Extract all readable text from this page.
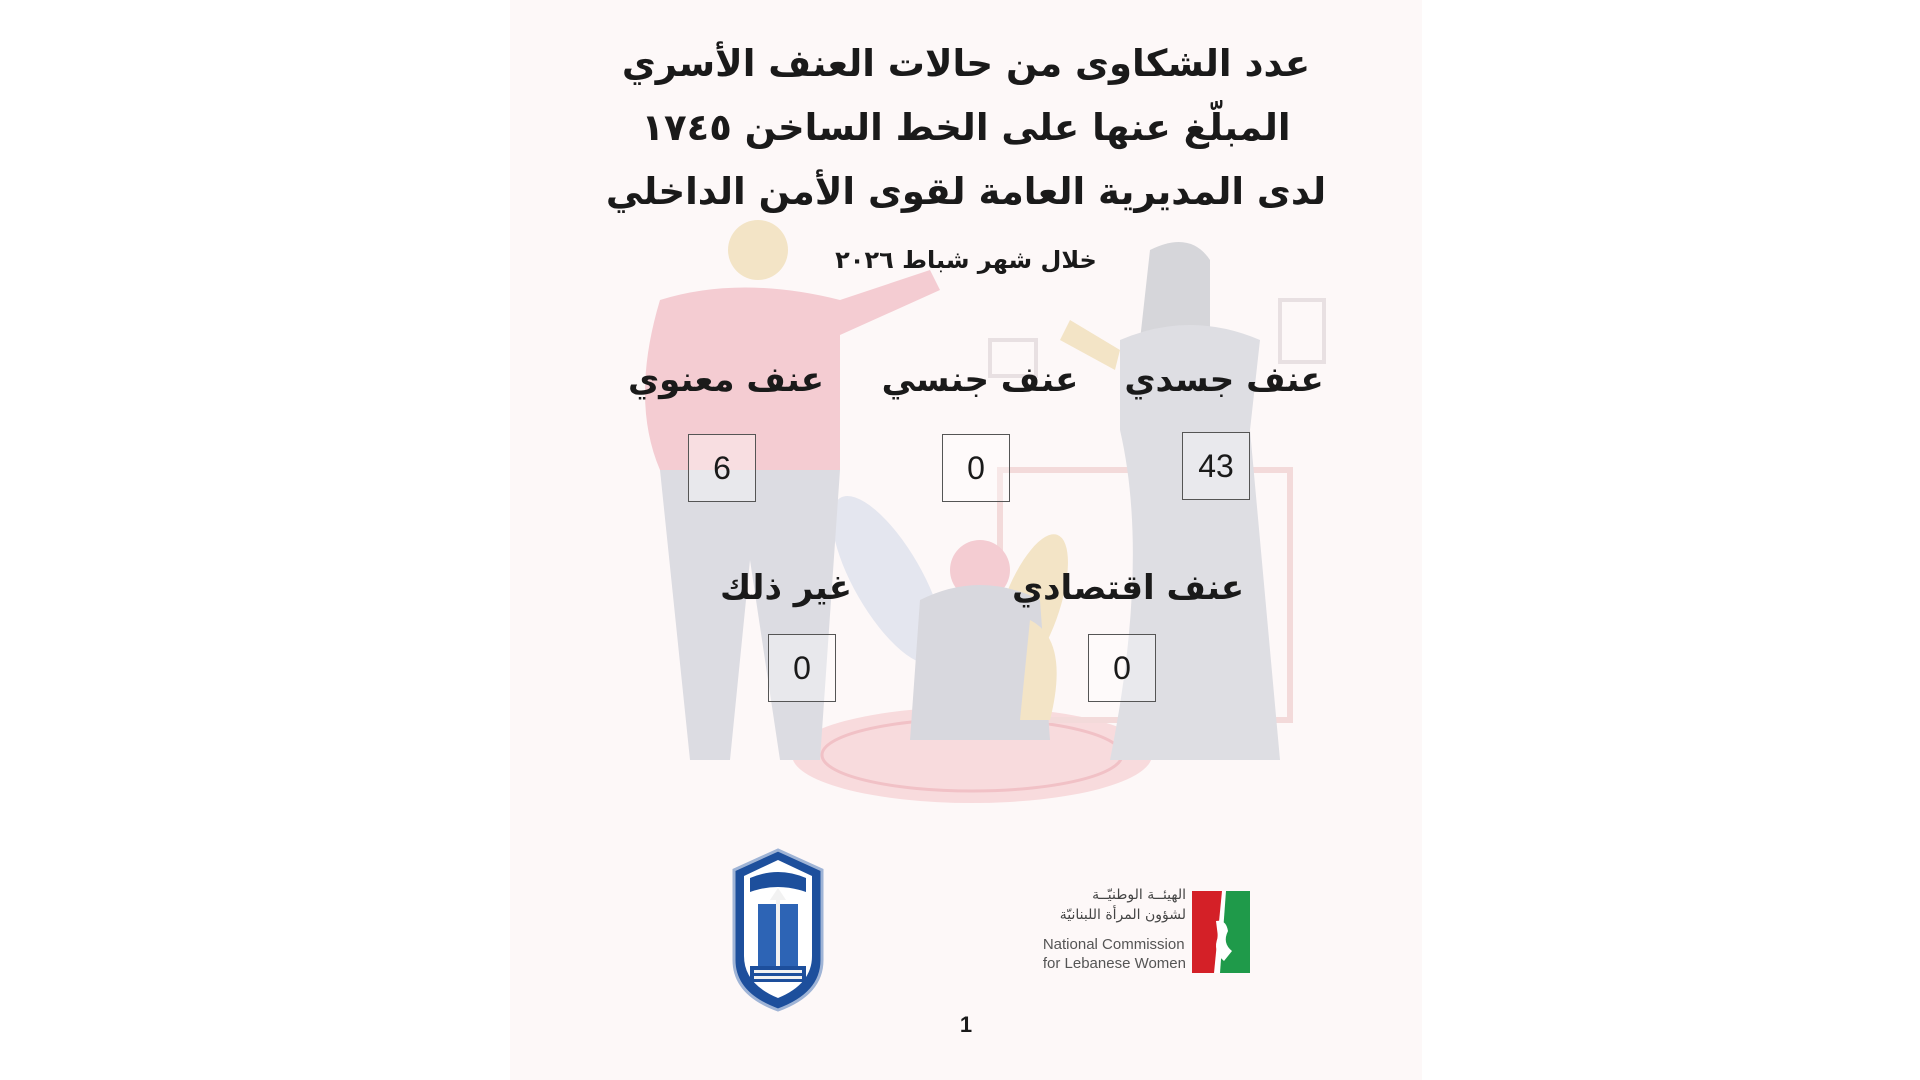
عدد الشكاوى من حالات العنف الأسري
المبلّغ عنها على الخط الساخن ١٧٤٥
لدى المديرية العامة لقوى الأمن الداخلي
خلال شهر شباط ٢٠٢٦
عنف جسدي
43
عنف جنسي
0
عنف معنوي
6
عنف اقتصادي
0
غير ذلك
0
الهيئــة الوطنيّــة
لشؤون المرأة اللبنانيّة
National Commission
for Lebanese Women
1
